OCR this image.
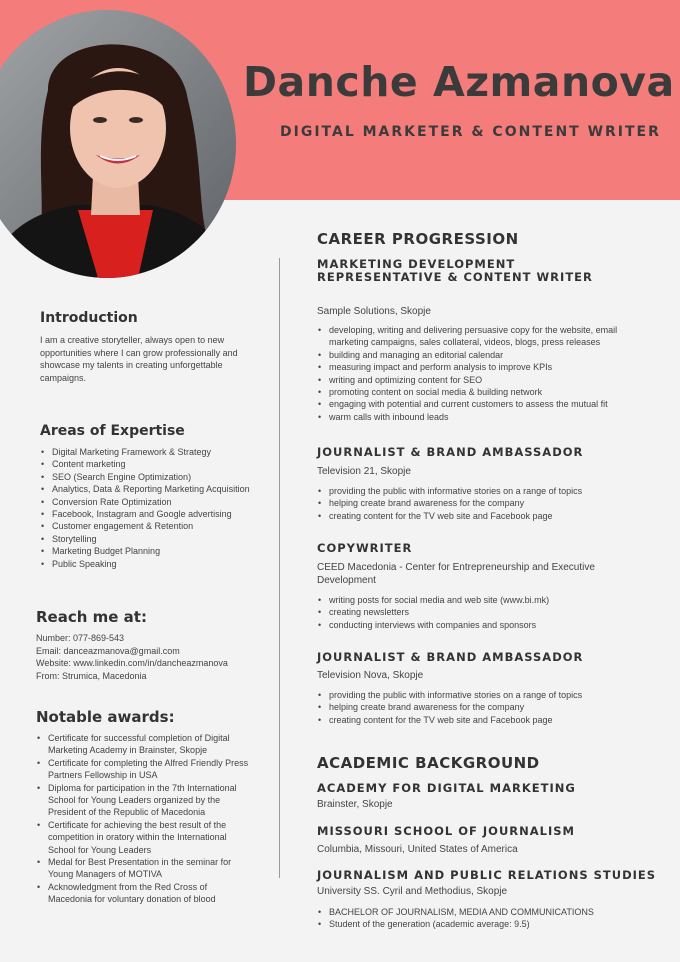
Danche Azmanova
DIGITAL MARKETER & CONTENT WRITER
Introduction
I am a creative storyteller, always open to new opportunities where I can grow professionally and showcase my talents in creating unforgettable campaigns.
Areas of Expertise
• Digital Marketing Framework & Strategy
• Content marketing
• SEO (Search Engine Optimization)
• Analytics, Data & Reporting Marketing Acquisition
• Conversion Rate Optimization
• Facebook, Instagram and Google advertising
• Customer engagement & Retention
• Storytelling
• Marketing Budget Planning
• Public Speaking
Reach me at:
Number: 077-869-543
Email: danceazmanova@gmail.com
Website: www.linkedin.com/in/dancheazmanova
From: Strumica, Macedonia
Notable awards:
• Certificate for successful completion of Digital Marketing Academy in Brainster, Skopje
• Certificate for completing the Alfred Friendly Press Partners Fellowship in USA
• Diploma for participation in the 7th International School for Young Leaders organized by the President of the Republic of Macedonia
• Certificate for achieving the best result of the competition in oratory within the International School for Young Leaders
• Medal for Best Presentation in the seminar for Young Managers of MOTIVA
• Acknowledgment from the Red Cross of Macedonia for voluntary donation of blood
CAREER PROGRESSION
MARKETING DEVELOPMENT REPRESENTATIVE & CONTENT WRITER
Sample Solutions, Skopje
• developing, writing and delivering persuasive copy for the website, email marketing campaigns, sales collateral, videos, blogs, press releases
• building and managing an editorial calendar
• measuring impact and perform analysis to improve KPIs
• writing and optimizing content for SEO
• promoting content on social media & building network
• engaging with potential and current customers to assess the mutual fit
• warm calls with inbound leads
JOURNALIST & BRAND AMBASSADOR
Television 21, Skopje
• providing the public with informative stories on a range of topics
• helping create brand awareness for the company
• creating content for the TV web site and Facebook page
COPYWRITER
CEED Macedonia - Center for Entrepreneurship and Executive Development
• writing posts for social media and web site (www.bi.mk)
• creating newsletters
• conducting interviews with companies and sponsors
JOURNALIST & BRAND AMBASSADOR
Television Nova, Skopje
• providing the public with informative stories on a range of topics
• helping create brand awareness for the company
• creating content for the TV web site and Facebook page
ACADEMIC BACKGROUND
ACADEMY FOR DIGITAL MARKETING
Brainster, Skopje
MISSOURI SCHOOL OF JOURNALISM
Columbia, Missouri, United States of America
JOURNALISM AND PUBLIC RELATIONS STUDIES
University SS. Cyril and Methodius, Skopje
• BACHELOR OF JOURNALISM, MEDIA AND COMMUNICATIONS
• Student of the generation (academic average: 9.5)
